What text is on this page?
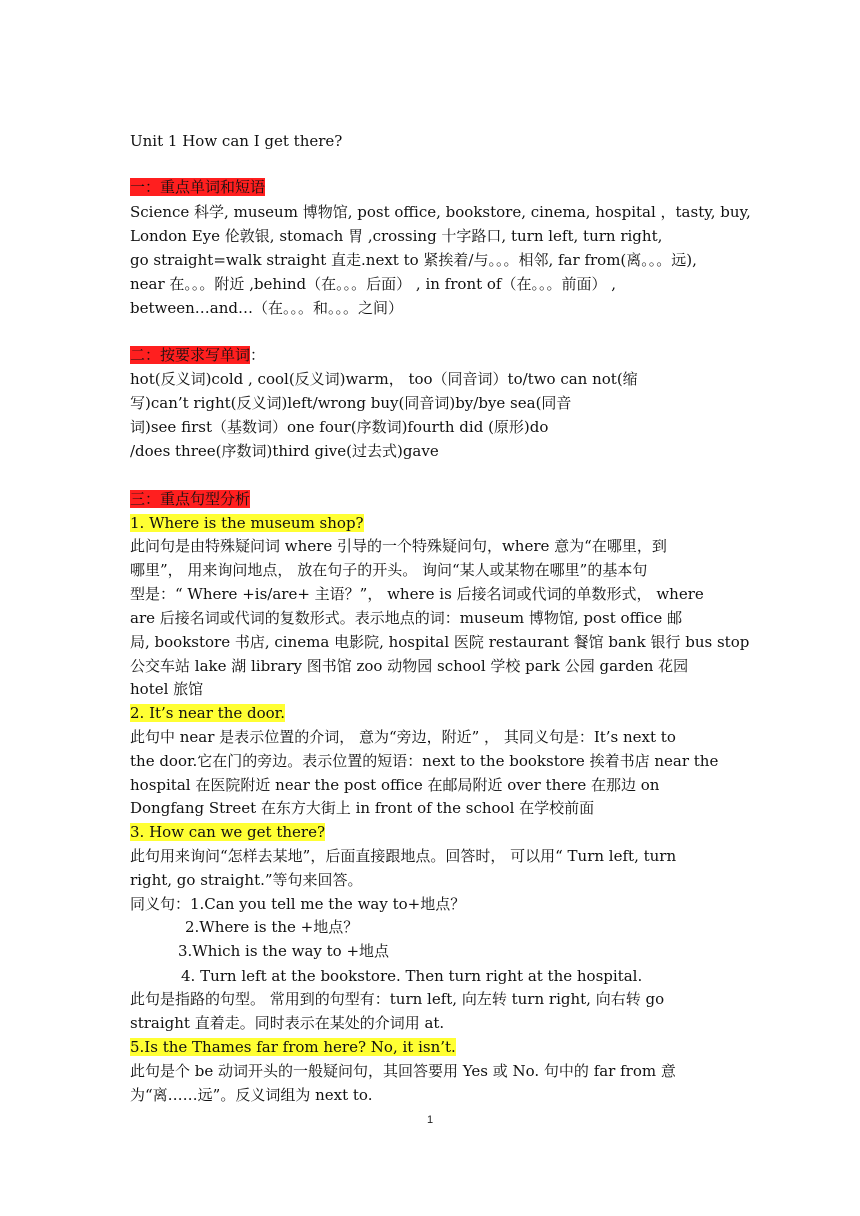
Unit 1 How can I get there?
一：重点单词和短语
Science 科学, museum 博物馆, post office, bookstore, cinema, hospital ，tasty, buy,
London Eye 伦敦银, stomach 胃 ,crossing 十字路口, turn left, turn right,
go straight=walk straight 直走.next to 紧挨着/与。。。相邻, far from(离。。。远),
near 在。。。附近 ,behind（在。。。后面） , in front of（在。。。前面） ,
between…and…（在。。。和。。。之间）
二：按要求写单词：
hot(反义词)cold , cool(反义词)warm， too（同音词）to/two can not(缩
写)can’t right(反义词)left/wrong buy(同音词)by/bye sea(同音
词)see first（基数词）one four(序数词)fourth did (原形)do
/does three(序数词)third give(过去式)gave
三：重点句型分析
1. Where is the museum shop?
此问句是由特殊疑问词 where 引导的一个特殊疑问句，where 意为“在哪里，到
哪里”， 用来询问地点， 放在句子的开头。 询问“某人或某物在哪里”的基本句
型是：“ Where +is/are+ 主语？”， where is 后接名词或代词的单数形式， where
are 后接名词或代词的复数形式。表示地点的词：museum 博物馆, post office 邮
局, bookstore 书店, cinema 电影院, hospital 医院 restaurant 餐馆 bank 银行 bus stop
公交车站 lake 湖 library 图书馆 zoo 动物园 school 学校 park 公园 garden 花园
hotel 旅馆
2. It’s near the door.
此句中 near 是表示位置的介词， 意为“旁边，附近” ， 其同义句是：It’s next to
the door.它在门的旁边。表示位置的短语：next to the bookstore 挨着书店 near the
hospital 在医院附近 near the post office 在邮局附近 over there 在那边 on
Dongfang Street 在东方大街上 in front of the school 在学校前面
3. How can we get there?
此句用来询问“怎样去某地”，后面直接跟地点。回答时， 可以用“ Turn left, turn
right, go straight.”等句来回答。
同义句：1.Can you tell me the way to+地点？
2.Where is the +地点？
3.Which is the way to +地点
4. Turn left at the bookstore. Then turn right at the hospital.
此句是指路的句型。 常用到的句型有：turn left, 向左转 turn right, 向右转 go
straight 直着走。同时表示在某处的介词用 at.
5.Is the Thames far from here? No, it isn’t.
此句是个 be 动词开头的一般疑问句，其回答要用 Yes 或 No. 句中的 far from 意
为“离……远”。反义词组为 next to.
1
